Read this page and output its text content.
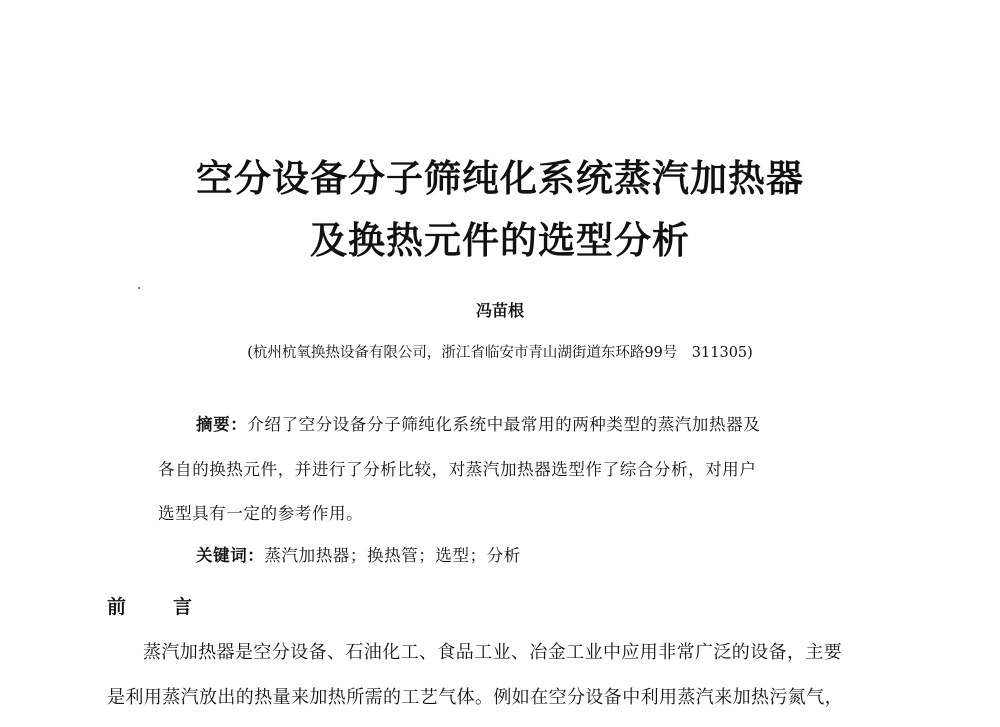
空分设备分子筛纯化系统蒸汽加热器
及换热元件的选型分析
冯苗根
(杭州杭氧换热设备有限公司，浙江省临安市青山湖街道东环路99号　311305)
摘要：介绍了空分设备分子筛纯化系统中最常用的两种类型的蒸汽加热器及
各自的换热元件，并进行了分析比较，对蒸汽加热器选型作了综合分析，对用户
选型具有一定的参考作用。
关键词：蒸汽加热器；换热管；选型；分析
前　言
蒸汽加热器是空分设备、石油化工、食品工业、冶金工业中应用非常广泛的设备，主要
是利用蒸汽放出的热量来加热所需的工艺气体。例如在空分设备中利用蒸汽来加热污氮气，
